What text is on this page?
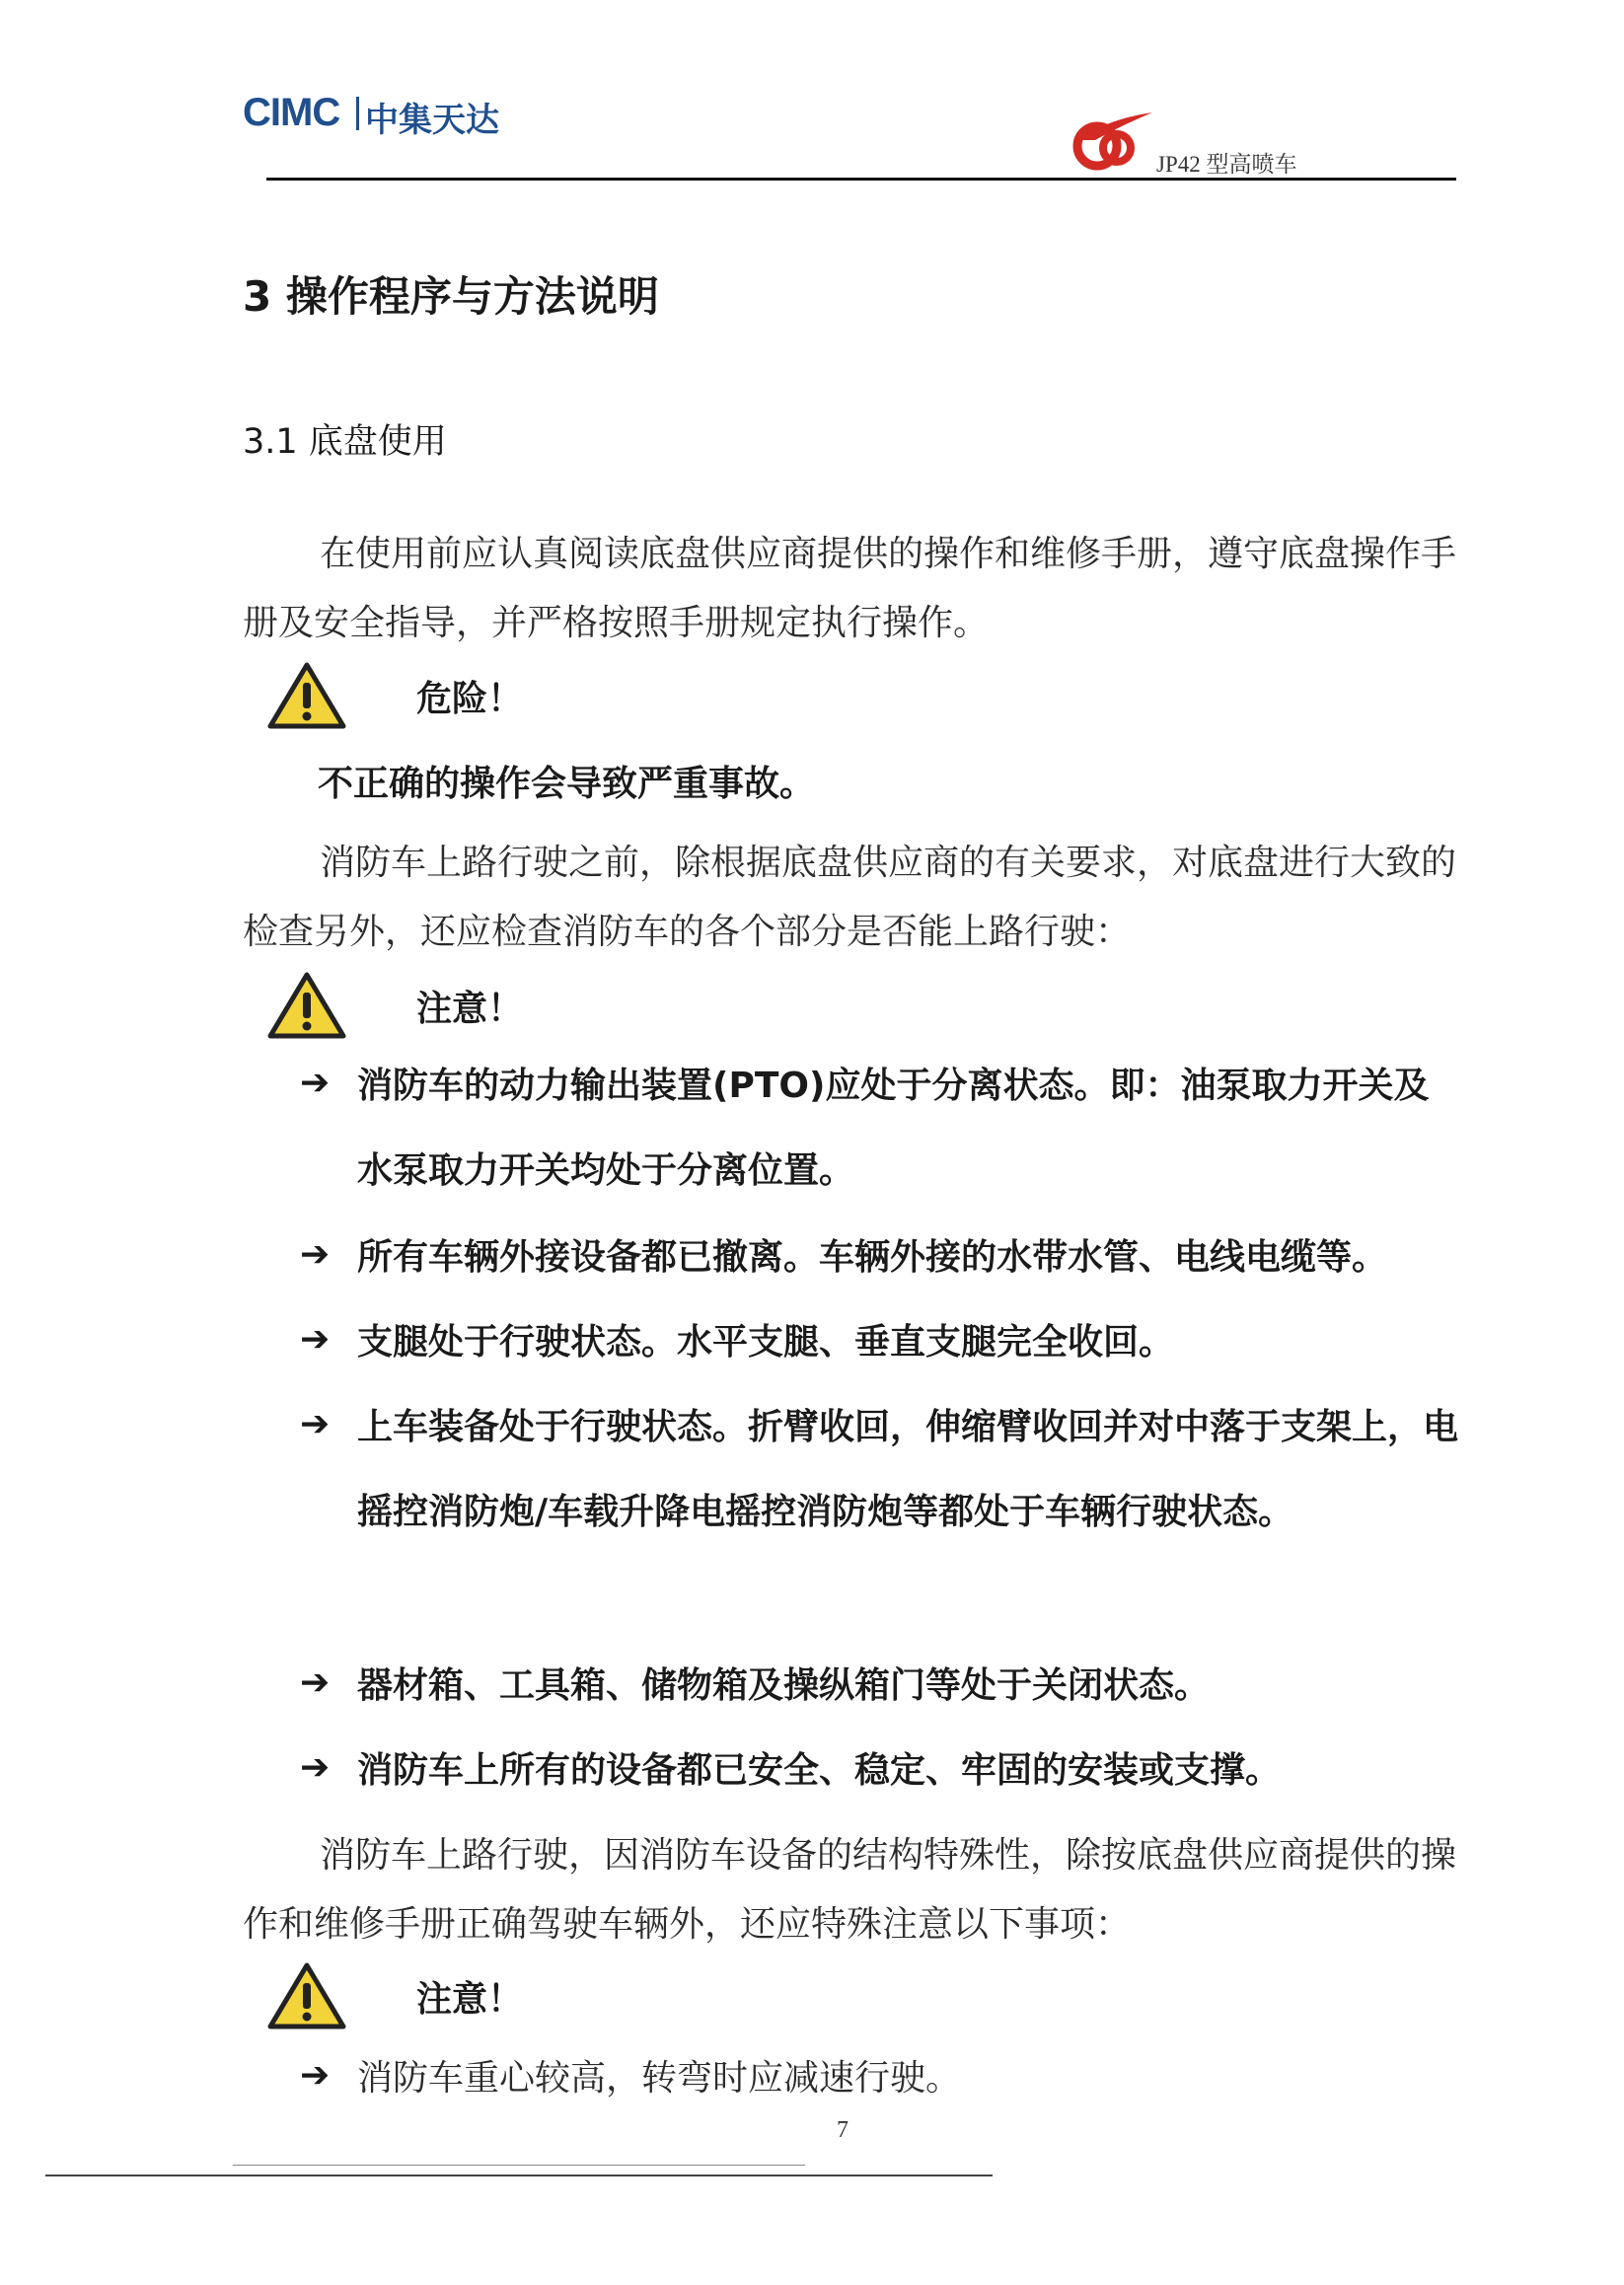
CIMC 中集天达
JP42 型高喷车
3 操作程序与方法说明
3.1 底盘使用
在使用前应认真阅读底盘供应商提供的操作和维修手册，遵守底盘操作手册及安全指导，并严格按照手册规定执行操作。
危险！
不正确的操作会导致严重事故。
消防车上路行驶之前，除根据底盘供应商的有关要求，对底盘进行大致的检查另外，还应检查消防车的各个部分是否能上路行驶：
注意！
➔ 消防车的动力输出装置(PTO)应处于分离状态。即：油泵取力开关及水泵取力开关均处于分离位置。
➔ 所有车辆外接设备都已撤离。车辆外接的水带水管、电线电缆等。
➔ 支腿处于行驶状态。水平支腿、垂直支腿完全收回。
➔ 上车装备处于行驶状态。折臂收回，伸缩臂收回并对中落于支架上，电摇控消防炮/车载升降电摇控消防炮等都处于车辆行驶状态。
➔ 器材箱、工具箱、储物箱及操纵箱门等处于关闭状态。
➔ 消防车上所有的设备都已安全、稳定、牢固的安装或支撑。
消防车上路行驶，因消防车设备的结构特殊性，除按底盘供应商提供的操作和维修手册正确驾驶车辆外，还应特殊注意以下事项：
注意！
➔ 消防车重心较高，转弯时应减速行驶。
7
